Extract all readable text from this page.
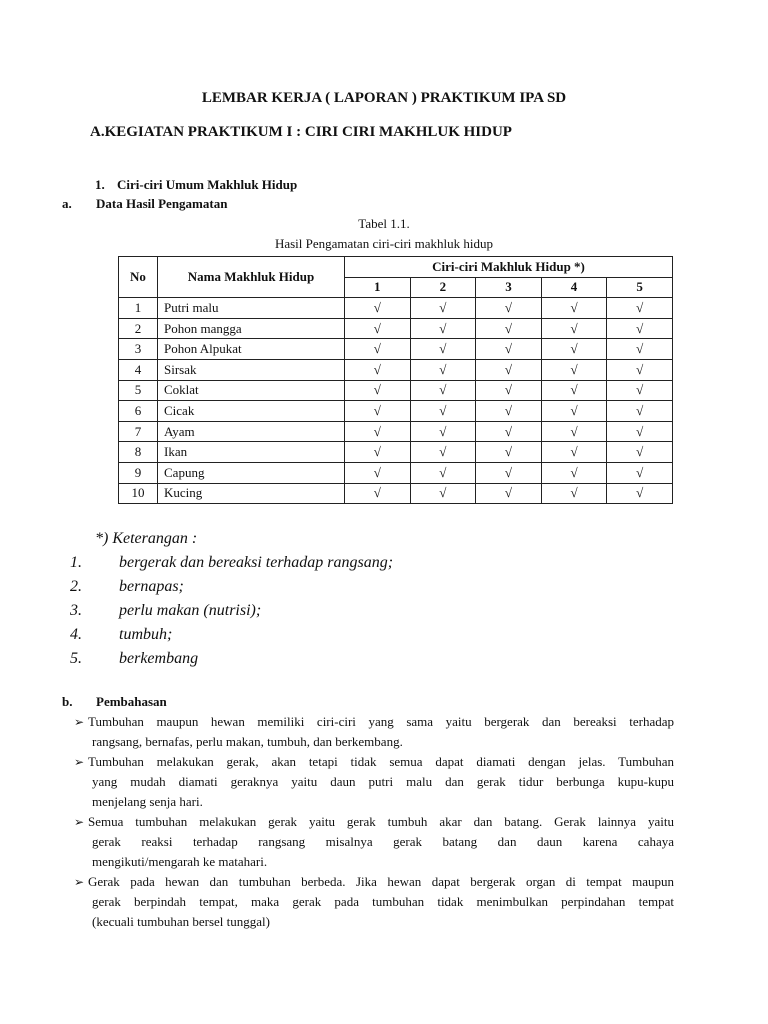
LEMBAR KERJA ( LAPORAN ) PRAKTIKUM IPA SD
A.KEGIATAN PRAKTIKUM I : CIRI CIRI MAKHLUK HIDUP
1. Ciri-ciri Umum Makhluk Hidup
a. Data Hasil Pengamatan
Tabel 1.1.
Hasil Pengamatan ciri-ciri makhluk hidup
No	Nama Makhluk Hidup	Ciri-ciri Makhluk Hidup *)				
		1	2	3	4	5
1	Putri malu	√	√	√	√	√
2	Pohon mangga	√	√	√	√	√
3	Pohon Alpukat	√	√	√	√	√
4	Sirsak	√	√	√	√	√
5	Coklat	√	√	√	√	√
6	Cicak	√	√	√	√	√
7	Ayam	√	√	√	√	√
8	Ikan	√	√	√	√	√
9	Capung	√	√	√	√	√
10	Kucing	√	√	√	√	√
*) Keterangan :
1. bergerak dan bereaksi terhadap rangsang;
2. bernapas;
3. perlu makan (nutrisi);
4. tumbuh;
5. berkembang
b. Pembahasan
➢ Tumbuhan maupun hewan memiliki ciri-ciri yang sama yaitu bergerak dan bereaksi terhadap
rangsang, bernafas, perlu makan, tumbuh, dan berkembang.
➢ Tumbuhan melakukan gerak, akan tetapi tidak semua dapat diamati dengan jelas. Tumbuhan
yang mudah diamati geraknya yaitu daun putri malu dan gerak tidur berbunga kupu-kupu
menjelang senja hari.
➢ Semua tumbuhan melakukan gerak yaitu gerak tumbuh akar dan batang. Gerak lainnya yaitu
gerak reaksi terhadap rangsang misalnya gerak batang dan daun karena cahaya
mengikuti/mengarah ke matahari.
➢ Gerak pada hewan dan tumbuhan berbeda. Jika hewan dapat bergerak organ di tempat maupun
gerak berpindah tempat, maka gerak pada tumbuhan tidak menimbulkan perpindahan tempat
(kecuali tumbuhan bersel tunggal)
